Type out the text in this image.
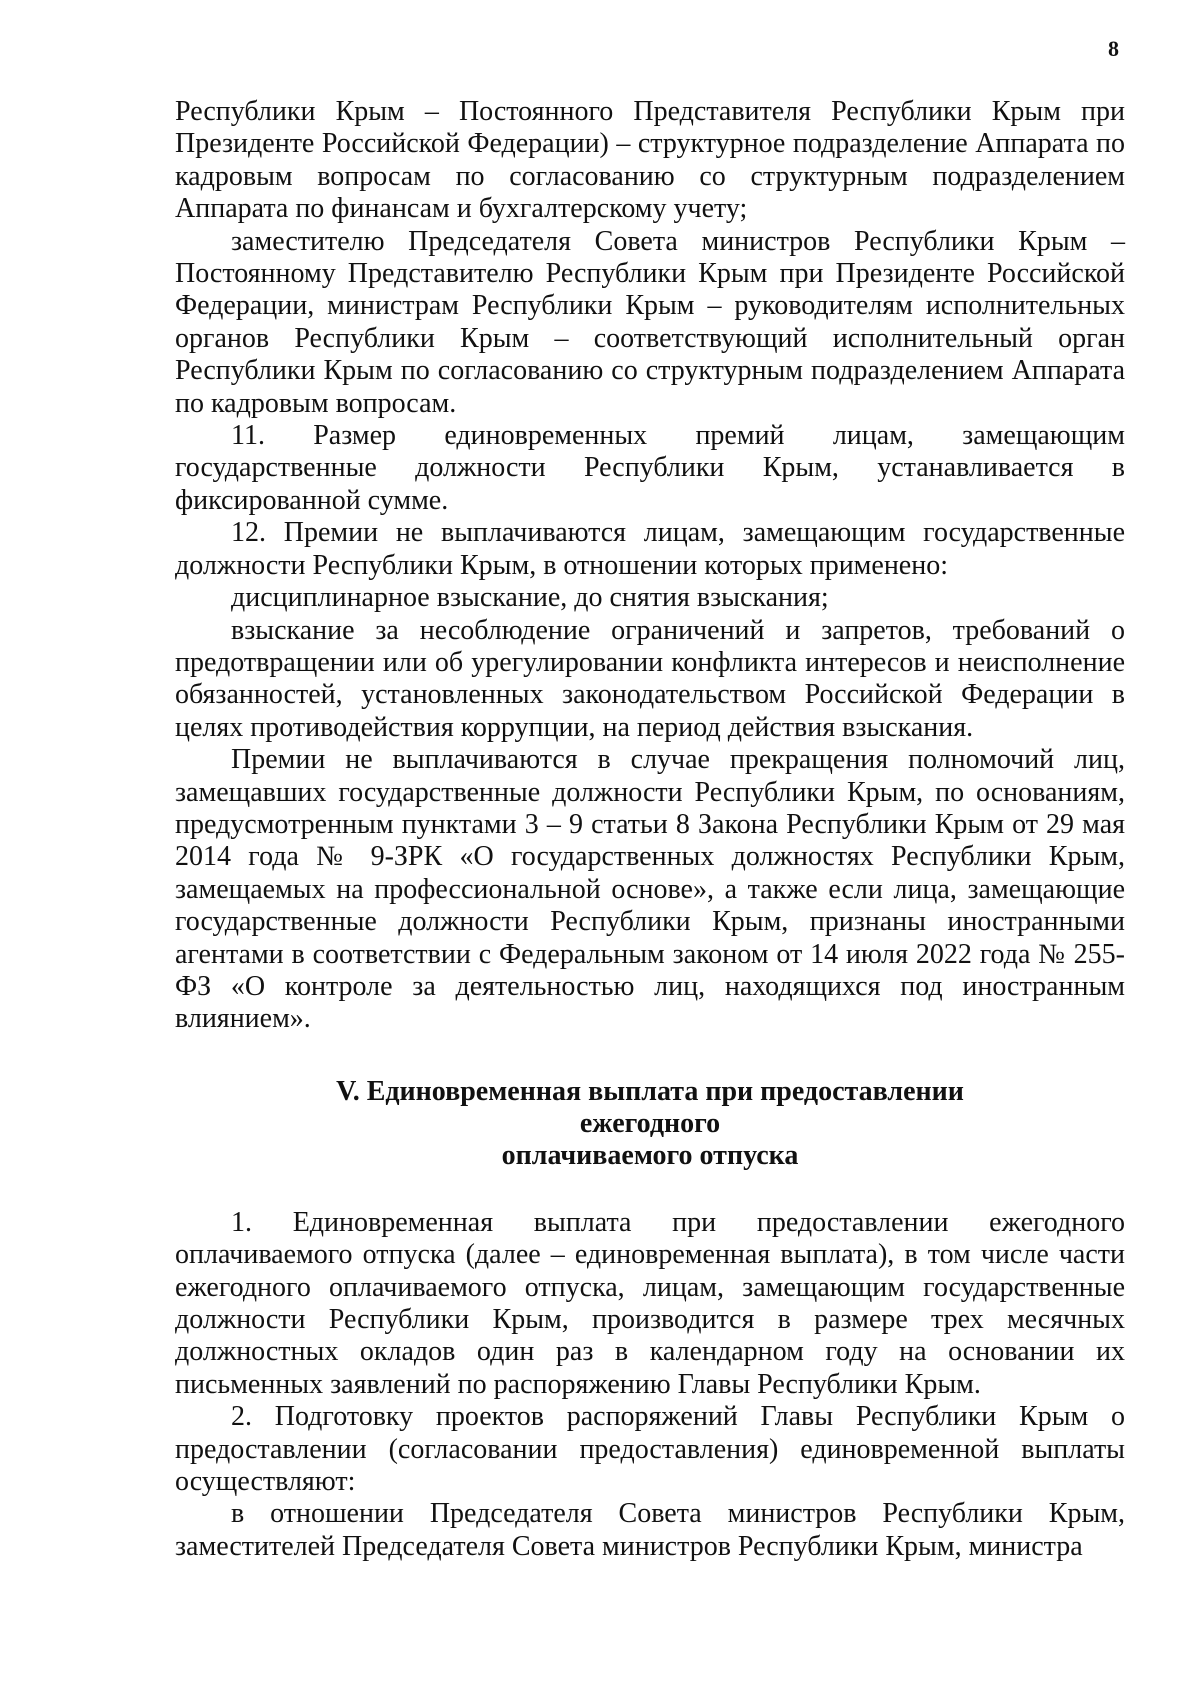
8

Республики Крым – Постоянного Представителя Республики Крым при Президенте Российской Федерации) – структурное подразделение Аппарата по кадровым вопросам по согласованию со структурным подразделением Аппарата по финансам и бухгалтерскому учету;

заместителю Председателя Совета министров Республики Крым – Постоянному Представителю Республики Крым при Президенте Российской Федерации, министрам Республики Крым – руководителям исполнительных органов Республики Крым – соответствующий исполнительный орган Республики Крым по согласованию со структурным подразделением Аппарата по кадровым вопросам.

11. Размер единовременных премий лицам, замещающим государственные должности Республики Крым, устанавливается в фиксированной сумме.

12. Премии не выплачиваются лицам, замещающим государственные должности Республики Крым, в отношении которых применено:

дисциплинарное взыскание, до снятия взыскания;

взыскание за несоблюдение ограничений и запретов, требований о предотвращении или об урегулировании конфликта интересов и неисполнение обязанностей, установленных законодательством Российской Федерации в целях противодействия коррупции, на период действия взыскания.

Премии не выплачиваются в случае прекращения полномочий лиц, замещавших государственные должности Республики Крым, по основаниям, предусмотренным пунктами 3 – 9 статьи 8 Закона Республики Крым от 29 мая 2014 года № 9-ЗРК «О государственных должностях Республики Крым, замещаемых на профессиональной основе», а также если лица, замещающие государственные должности Республики Крым, признаны иностранными агентами в соответствии с Федеральным законом от 14 июля 2022 года № 255-ФЗ «О контроле за деятельностью лиц, находящихся под иностранным влиянием».

V. Единовременная выплата при предоставлении ежегодного
оплачиваемого отпуска

1. Единовременная выплата при предоставлении ежегодного оплачиваемого отпуска (далее – единовременная выплата), в том числе части ежегодного оплачиваемого отпуска, лицам, замещающим государственные должности Республики Крым, производится в размере трех месячных должностных окладов один раз в календарном году на основании их письменных заявлений по распоряжению Главы Республики Крым.

2. Подготовку проектов распоряжений Главы Республики Крым о предоставлении (согласовании предоставления) единовременной выплаты осуществляют:

в отношении Председателя Совета министров Республики Крым, заместителей Председателя Совета министров Республики Крым, министра
